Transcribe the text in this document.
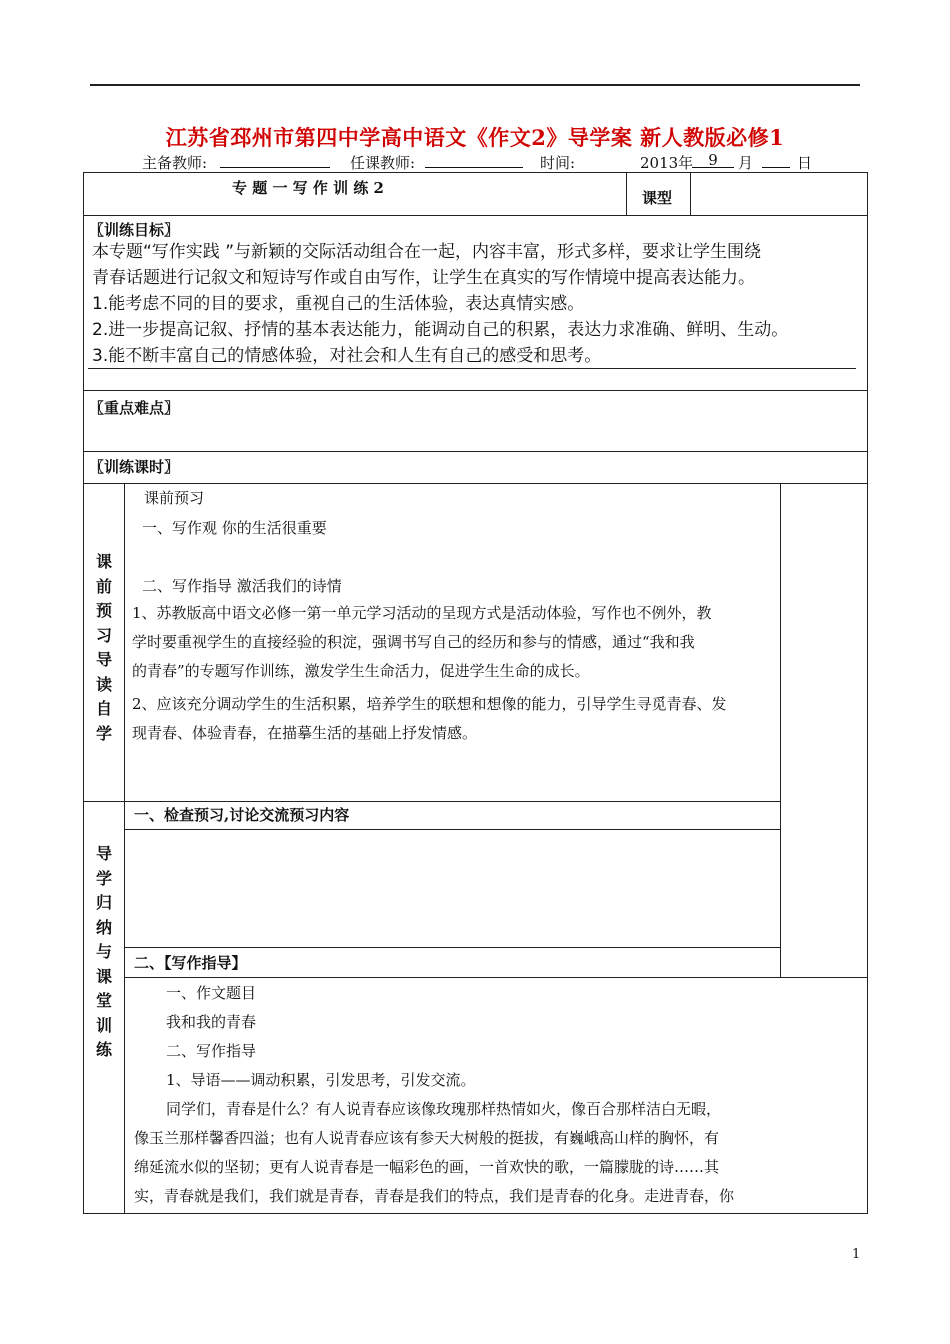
江苏省邳州市第四中学高中语文《作文2》导学案 新人教版必修1
主备教师:	任课教师:	时间:	2013年	9	月	日
专 题 一 写 作 训 练 2
课型
〖训练目标〗
本专题“写作实践 ”与新颖的交际活动组合在一起，内容丰富，形式多样，要求让学生围绕
青春话题进行记叙文和短诗写作或自由写作，让学生在真实的写作情境中提高表达能力。
1.能考虑不同的目的要求，重视自己的生活体验，表达真情实感。
2.进一步提高记叙、抒情的基本表达能力，能调动自己的积累，表达力求准确、鲜明、生动。
3.能不断丰富自己的情感体验，对社会和人生有自己的感受和思考。
〖重点难点〗
〖训练课时〗
课
前
预
习
导
读
自
学
课前预习
一、写作观 你的生活很重要
二、写作指导 激活我们的诗情
1、苏教版高中语文必修一第一单元学习活动的呈现方式是活动体验，写作也不例外，教
学时要重视学生的直接经验的积淀，强调书写自己的经历和参与的情感，通过“我和我
的青春”的专题写作训练，激发学生生命活力，促进学生生命的成长。
2、应该充分调动学生的生活积累，培养学生的联想和想像的能力，引导学生寻觅青春、发
现青春、体验青春，在描摹生活的基础上抒发情感。
导
学
归
纳
与
课
堂
训
练
一、检查预习,讨论交流预习内容
二、【写作指导】
一、作文题目
我和我的青春
二、写作指导
1、导语——调动积累，引发思考，引发交流。
同学们，青春是什么？有人说青春应该像玫瑰那样热情如火，像百合那样洁白无暇，
像玉兰那样馨香四溢；也有人说青春应该有参天大树般的挺拔，有巍峨高山样的胸怀，有
绵延流水似的坚韧；更有人说青春是一幅彩色的画，一首欢快的歌，一篇朦胧的诗……其
实，青春就是我们，我们就是青春，青春是我们的特点，我们是青春的化身。走进青春，你
1
